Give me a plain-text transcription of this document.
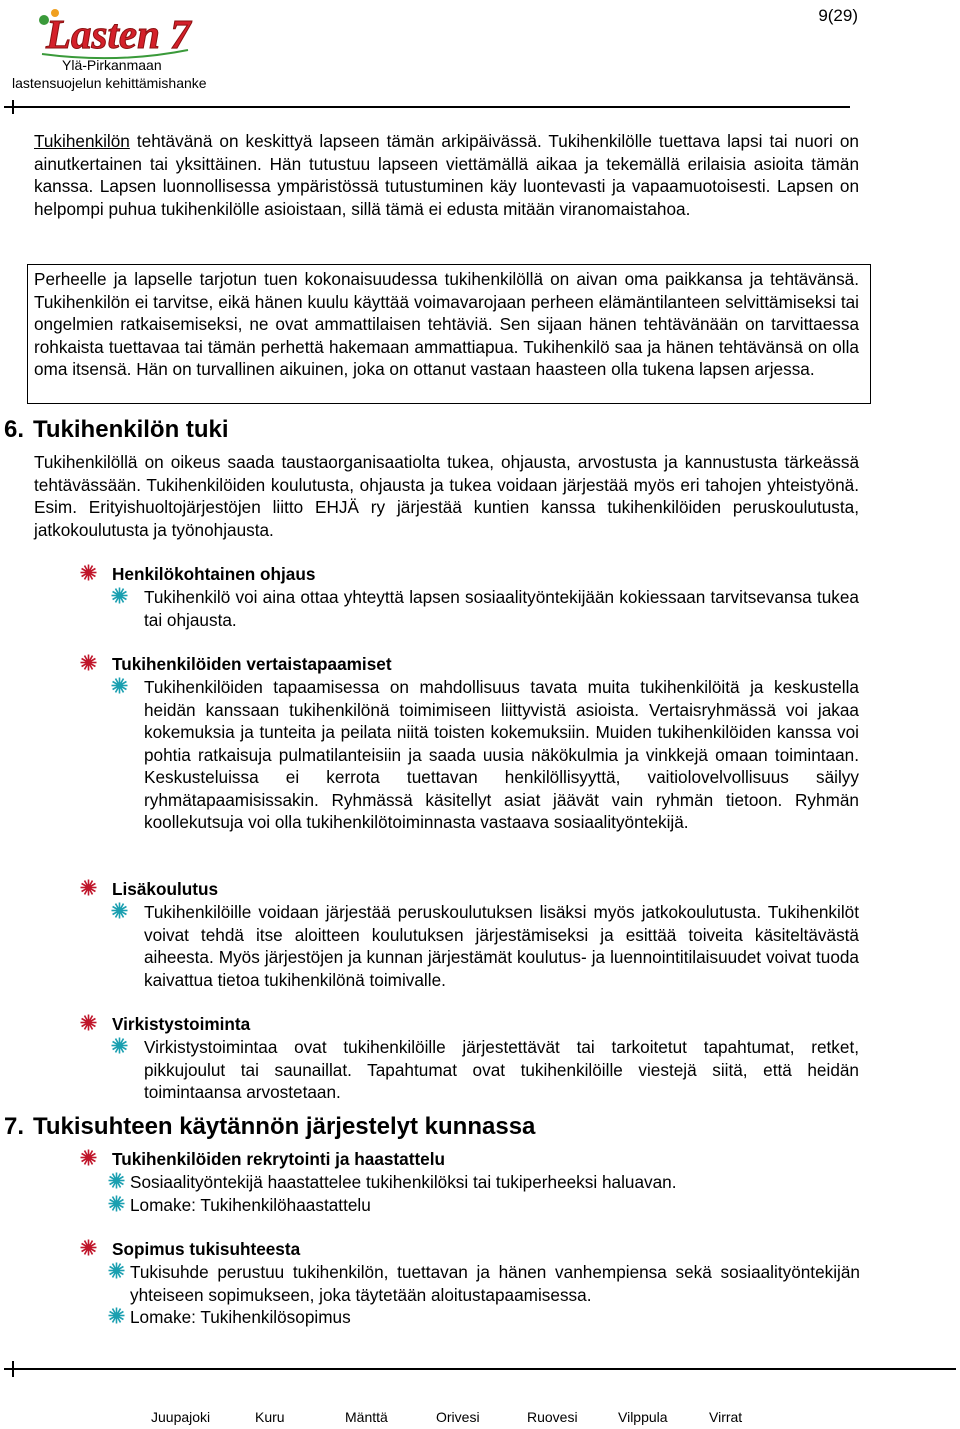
Lasten 7
Ylä-Pirkanmaan
lastensuojelun kehittämishanke
9(29)

Tukihenkilön tehtävänä on keskittyä lapseen tämän arkipäivässä. Tukihenkilölle tuettava lapsi tai nuori on ainutkertainen tai yksittäinen. Hän tutustuu lapseen viettämällä aikaa ja tekemällä erilaisia asioita tämän kanssa. Lapsen luonnollisessa ympäristössä tutustuminen käy luontevasti ja vapaamuotoisesti. Lapsen on helpompi puhua tukihenkilölle asioistaan, sillä tämä ei edusta mitään viranomaistahoa.

Perheelle ja lapselle tarjotun tuen kokonaisuudessa tukihenkilöllä on aivan oma paikkansa ja tehtävänsä. Tukihenkilön ei tarvitse, eikä hänen kuulu käyttää voimavarojaan perheen elämäntilanteen selvittämiseksi tai ongelmien ratkaisemiseksi, ne ovat ammattilaisen tehtäviä. Sen sijaan hänen tehtävänään on tarvittaessa rohkaista tuettavaa tai tämän perhettä hakemaan ammattiapua. Tukihenkilö saa ja hänen tehtävänsä on olla oma itsensä. Hän on turvallinen aikuinen, joka on ottanut vastaan haasteen olla tukena lapsen arjessa.

6. Tukihenkilön tuki

Tukihenkilöllä on oikeus saada taustaorganisaatiolta tukea, ohjausta, arvostusta ja kannustusta tärkeässä tehtävässään. Tukihenkilöiden koulutusta, ohjausta ja tukea voidaan järjestää myös eri tahojen yhteistyönä. Esim. Erityishuoltojärjestöjen liitto EHJÄ ry järjestää kuntien kanssa tukihenkilöiden peruskoulutusta, jatkokoulutusta ja työnohjausta.

Henkilökohtainen ohjaus
Tukihenkilö voi aina ottaa yhteyttä lapsen sosiaalityöntekijään kokiessaan tarvitsevansa tukea tai ohjausta.
Tukihenkilöiden vertaistapaamiset
Tukihenkilöiden tapaamisessa on mahdollisuus tavata muita tukihenkilöitä ja keskustella heidän kanssaan tukihenkilönä toimimiseen liittyvistä asioista. Vertaisryhmässä voi jakaa kokemuksia ja tunteita ja peilata niitä toisten kokemuksiin. Muiden tukihenkilöiden kanssa voi pohtia ratkaisuja pulmatilanteisiin ja saada uusia näkökulmia ja vinkkejä omaan toimintaan. Keskusteluissa ei kerrota tuettavan henkilöllisyyttä, vaitiolovelvollisuus säilyy ryhmätapaamisissakin. Ryhmässä käsitellyt asiat jäävät vain ryhmän tietoon. Ryhmän koollekutsuja voi olla tukihenkilötoiminnasta vastaava sosiaalityöntekijä.
Lisäkoulutus
Tukihenkilöille voidaan järjestää peruskoulutuksen lisäksi myös jatkokoulutusta. Tukihenkilöt voivat tehdä itse aloitteen koulutuksen järjestämiseksi ja esittää toiveita käsiteltävästä aiheesta. Myös järjestöjen ja kunnan järjestämät koulutus- ja luennointitilaisuudet voivat tuoda kaivattua tietoa tukihenkilönä toimivalle.
Virkistystoiminta
Virkistystoimintaa ovat tukihenkilöille järjestettävät tai tarkoitetut tapahtumat, retket, pikkujoulut tai saunaillat. Tapahtumat ovat tukihenkilöille viestejä siitä, että heidän toimintaansa arvostetaan.
7. Tukisuhteen käytännön järjestelyt kunnassa
Tukihenkilöiden rekrytointi ja haastattelu
Sosiaalityöntekijä haastattelee tukihenkilöksi tai tukiperheeksi haluavan.
Lomake: Tukihenkilöhaastattelu
Sopimus tukisuhteesta
Tukisuhde perustuu tukihenkilön, tuettavan ja hänen vanhempiensa sekä sosiaalityöntekijän yhteiseen sopimukseen, joka täytetään aloitustapaamisessa.
Lomake: Tukihenkilösopimus
Juupajoki	Kuru	Mänttä	Orivesi	Ruovesi	Vilppula	Virrat
